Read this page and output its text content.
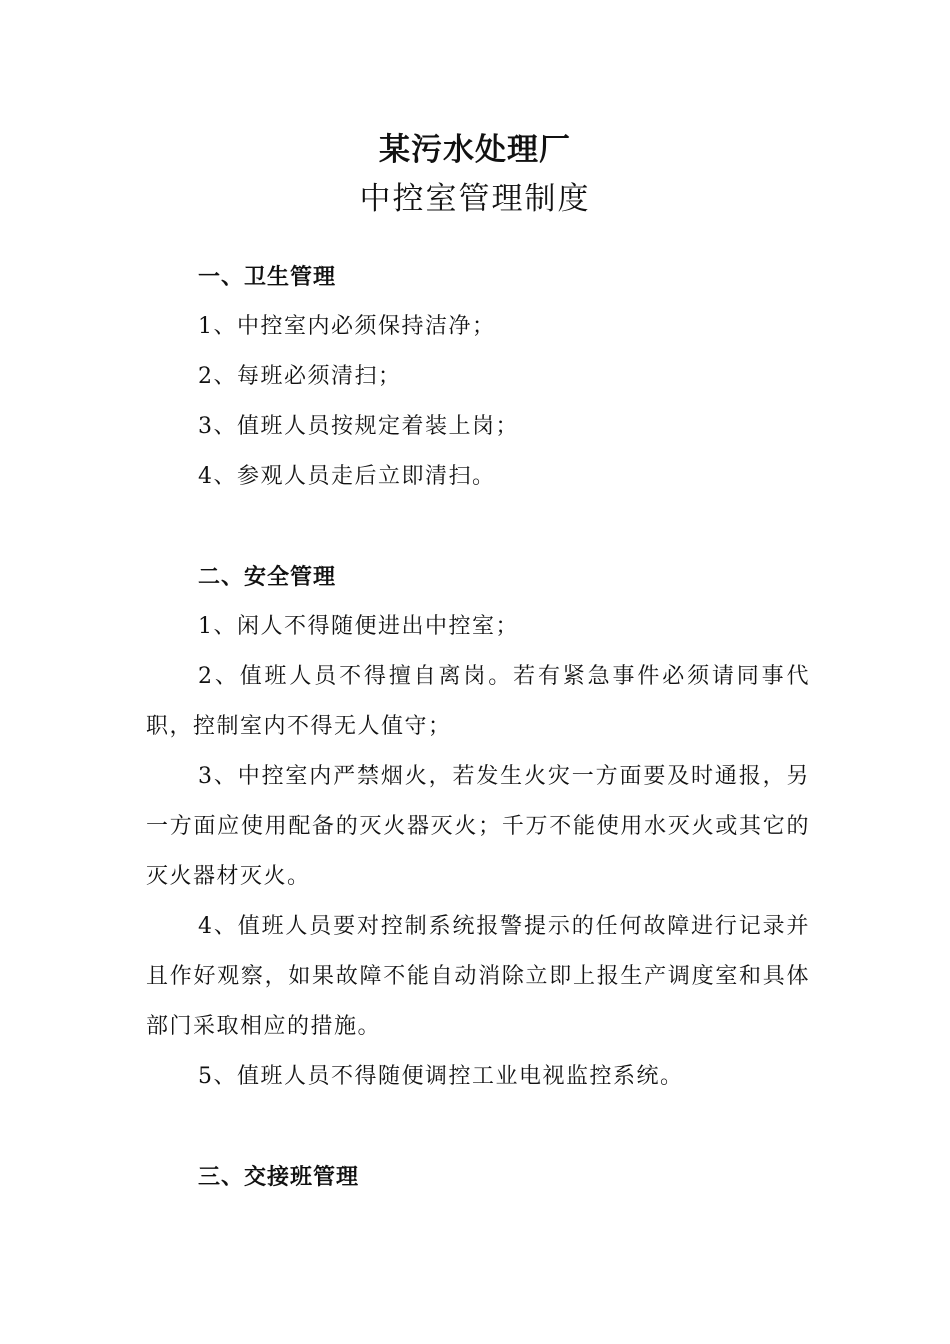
某污水处理厂
中控室管理制度
一、卫生管理

1、中控室内必须保持洁净；

2、每班必须清扫；

3、值班人员按规定着装上岗；

4、参观人员走后立即清扫。

二、安全管理

1、闲人不得随便进出中控室；

2、值班人员不得擅自离岗。若有紧急事件必须请同事代职，控制室内不得无人值守；

3、中控室内严禁烟火，若发生火灾一方面要及时通报，另一方面应使用配备的灭火器灭火；千万不能使用水灭火或其它的灭火器材灭火。

4、值班人员要对控制系统报警提示的任何故障进行记录并且作好观察，如果故障不能自动消除立即上报生产调度室和具体部门采取相应的措施。

5、值班人员不得随便调控工业电视监控系统。

三、交接班管理
